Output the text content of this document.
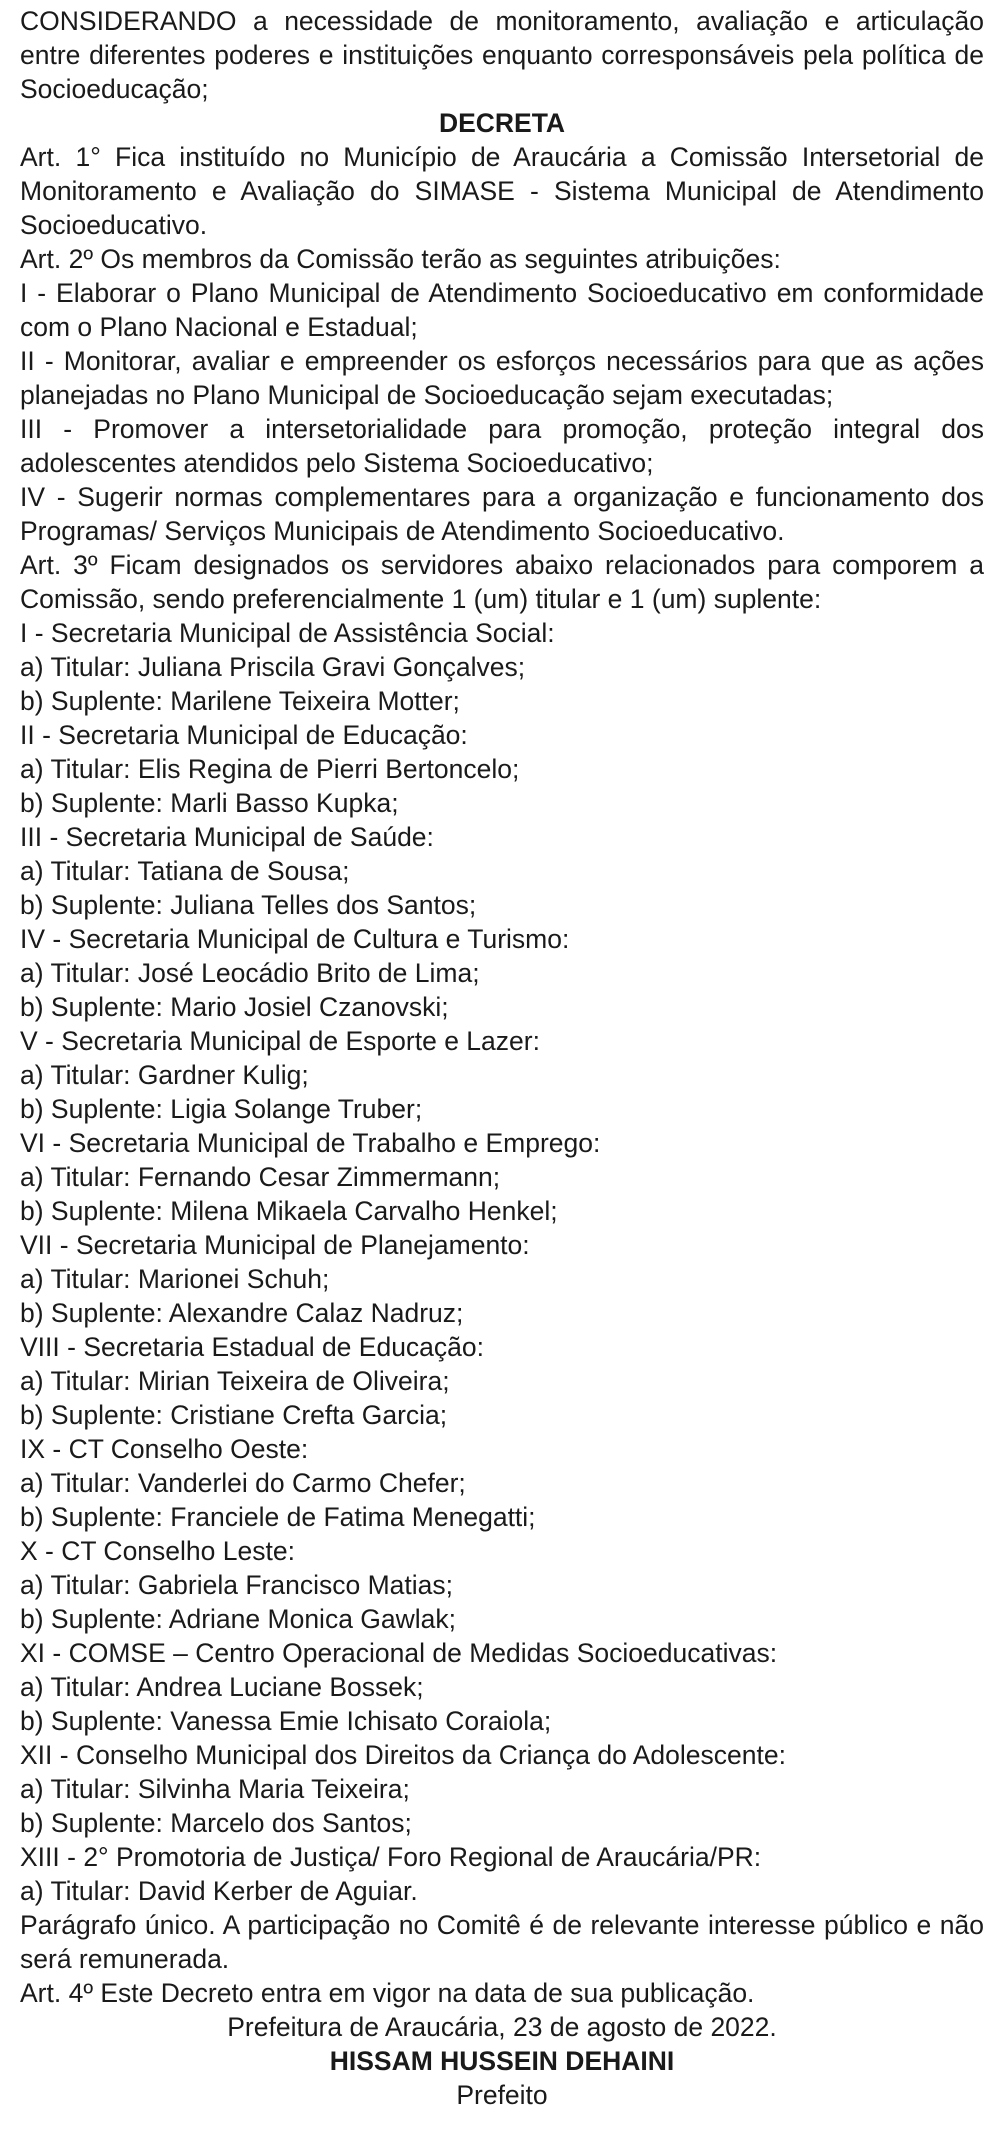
CONSIDERANDO a necessidade de monitoramento, avaliação e articulação entre diferentes poderes e instituições enquanto corresponsáveis pela política de Socioeducação;

DECRETA

Art. 1° Fica instituído no Município de Araucária a Comissão Intersetorial de Monitoramento e Avaliação do SIMASE - Sistema Municipal de Atendimento Socioeducativo.

Art. 2º Os membros da Comissão terão as seguintes atribuições:

I - Elaborar o Plano Municipal de Atendimento Socioeducativo em conformidade com o Plano Nacional e Estadual;

II - Monitorar, avaliar e empreender os esforços necessários para que as ações planejadas no Plano Municipal de Socioeducação sejam executadas;

III - Promover a intersetorialidade para promoção, proteção integral dos adolescentes atendidos pelo Sistema Socioeducativo;

IV - Sugerir normas complementares para a organização e funcionamento dos Programas/ Serviços Municipais de Atendimento Socioeducativo.

Art. 3º Ficam designados os servidores abaixo relacionados para comporem a Comissão, sendo preferencialmente 1 (um) titular e 1 (um) suplente:

I - Secretaria Municipal de Assistência Social:
a) Titular: Juliana Priscila Gravi Gonçalves;
b) Suplente: Marilene Teixeira Motter;
II - Secretaria Municipal de Educação:
a) Titular: Elis Regina de Pierri Bertoncelo;
b) Suplente: Marli Basso Kupka;
III - Secretaria Municipal de Saúde:
a) Titular: Tatiana de Sousa;
b) Suplente: Juliana Telles dos Santos;
IV - Secretaria Municipal de Cultura e Turismo:
a) Titular: José Leocádio Brito de Lima;
b) Suplente: Mario Josiel Czanovski;
V - Secretaria Municipal de Esporte e Lazer:
a) Titular: Gardner Kulig;
b) Suplente: Ligia Solange Truber;
VI - Secretaria Municipal de Trabalho e Emprego:
a) Titular: Fernando Cesar Zimmermann;
b) Suplente: Milena Mikaela Carvalho Henkel;
VII - Secretaria Municipal de Planejamento:
a) Titular: Marionei Schuh;
b) Suplente: Alexandre Calaz Nadruz;
VIII - Secretaria Estadual de Educação:
a) Titular: Mirian Teixeira de Oliveira;
b) Suplente: Cristiane Crefta Garcia;
IX - CT Conselho Oeste:
a) Titular: Vanderlei do Carmo Chefer;
b) Suplente: Franciele de Fatima Menegatti;
X - CT Conselho Leste:
a) Titular: Gabriela Francisco Matias;
b) Suplente: Adriane Monica Gawlak;
XI - COMSE – Centro Operacional de Medidas Socioeducativas:
a) Titular: Andrea Luciane Bossek;
b) Suplente: Vanessa Emie Ichisato Coraiola;
XII - Conselho Municipal dos Direitos da Criança do Adolescente:
a) Titular: Silvinha Maria Teixeira;
b) Suplente: Marcelo dos Santos;
XIII - 2° Promotoria de Justiça/ Foro Regional de Araucária/PR:
a) Titular: David Kerber de Aguiar.

Parágrafo único. A participação no Comitê é de relevante interesse público e não será remunerada.

Art. 4º Este Decreto entra em vigor na data de sua publicação.

Prefeitura de Araucária, 23 de agosto de 2022.

HISSAM HUSSEIN DEHAINI

Prefeito
